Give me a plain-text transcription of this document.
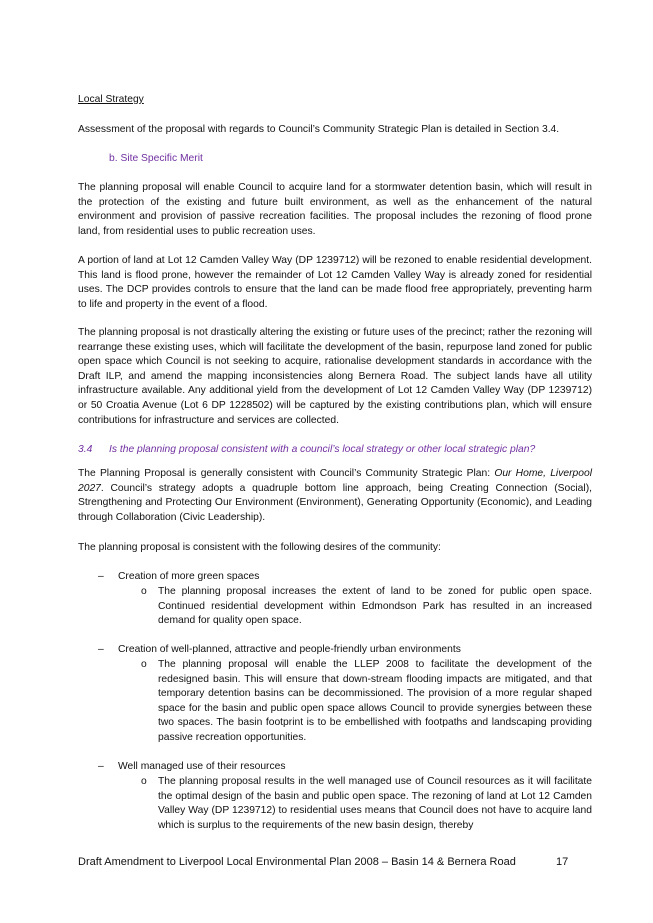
Local Strategy
Assessment of the proposal with regards to Council’s Community Strategic Plan is detailed in Section 3.4.
b. Site Specific Merit
The planning proposal will enable Council to acquire land for a stormwater detention basin, which will result in the protection of the existing and future built environment, as well as the enhancement of the natural environment and provision of passive recreation facilities. The proposal includes the rezoning of flood prone land, from residential uses to public recreation uses.
A portion of land at Lot 12 Camden Valley Way (DP 1239712) will be rezoned to enable residential development. This land is flood prone, however the remainder of Lot 12 Camden Valley Way is already zoned for residential uses. The DCP provides controls to ensure that the land can be made flood free appropriately, preventing harm to life and property in the event of a flood.
The planning proposal is not drastically altering the existing or future uses of the precinct; rather the rezoning will rearrange these existing uses, which will facilitate the development of the basin, repurpose land zoned for public open space which Council is not seeking to acquire, rationalise development standards in accordance with the Draft ILP, and amend the mapping inconsistencies along Bernera Road. The subject lands have all utility infrastructure available. Any additional yield from the development of Lot 12 Camden Valley Way (DP 1239712) or 50 Croatia Avenue (Lot 6 DP 1228502) will be captured by the existing contributions plan, which will ensure contributions for infrastructure and services are collected.
3.4 Is the planning proposal consistent with a council’s local strategy or other local strategic plan?
The Planning Proposal is generally consistent with Council’s Community Strategic Plan: Our Home, Liverpool 2027. Council’s strategy adopts a quadruple bottom line approach, being Creating Connection (Social), Strengthening and Protecting Our Environment (Environment), Generating Opportunity (Economic), and Leading through Collaboration (Civic Leadership).
The planning proposal is consistent with the following desires of the community:
– Creation of more green spaces
o The planning proposal increases the extent of land to be zoned for public open space. Continued residential development within Edmondson Park has resulted in an increased demand for quality open space.
– Creation of well-planned, attractive and people-friendly urban environments
o The planning proposal will enable the LLEP 2008 to facilitate the development of the redesigned basin. This will ensure that down-stream flooding impacts are mitigated, and that temporary detention basins can be decommissioned. The provision of a more regular shaped space for the basin and public open space allows Council to provide synergies between these two spaces. The basin footprint is to be embellished with footpaths and landscaping providing passive recreation opportunities.
– Well managed use of their resources
o The planning proposal results in the well managed use of Council resources as it will facilitate the optimal design of the basin and public open space. The rezoning of land at Lot 12 Camden Valley Way (DP 1239712) to residential uses means that Council does not have to acquire land which is surplus to the requirements of the new basin design, thereby
Draft Amendment to Liverpool Local Environmental Plan 2008 – Basin 14 & Bernera Road	17
